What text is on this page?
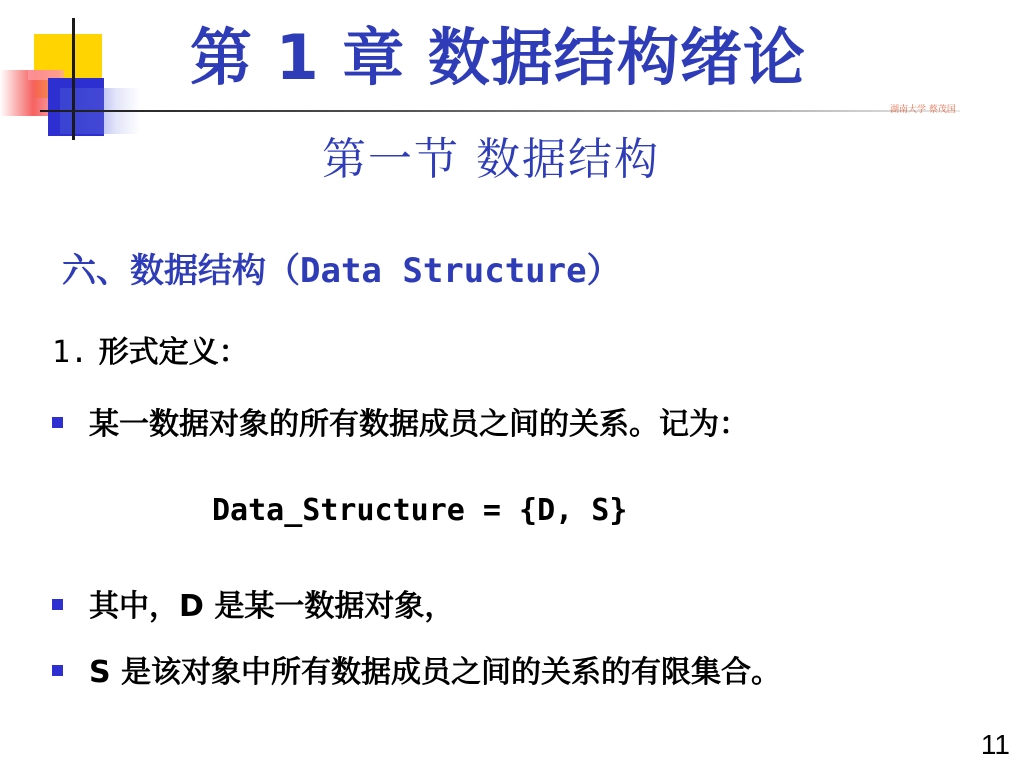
第 1 章 数据结构绪论
湖南大学 蔡茂国
第一节 数据结构
六、数据结构（Data Structure）
1. 形式定义：
某一数据对象的所有数据成员之间的关系。记为：
Data_Structure = {D, S}
其中，D 是某一数据对象，
S 是该对象中所有数据成员之间的关系的有限集合。
11
